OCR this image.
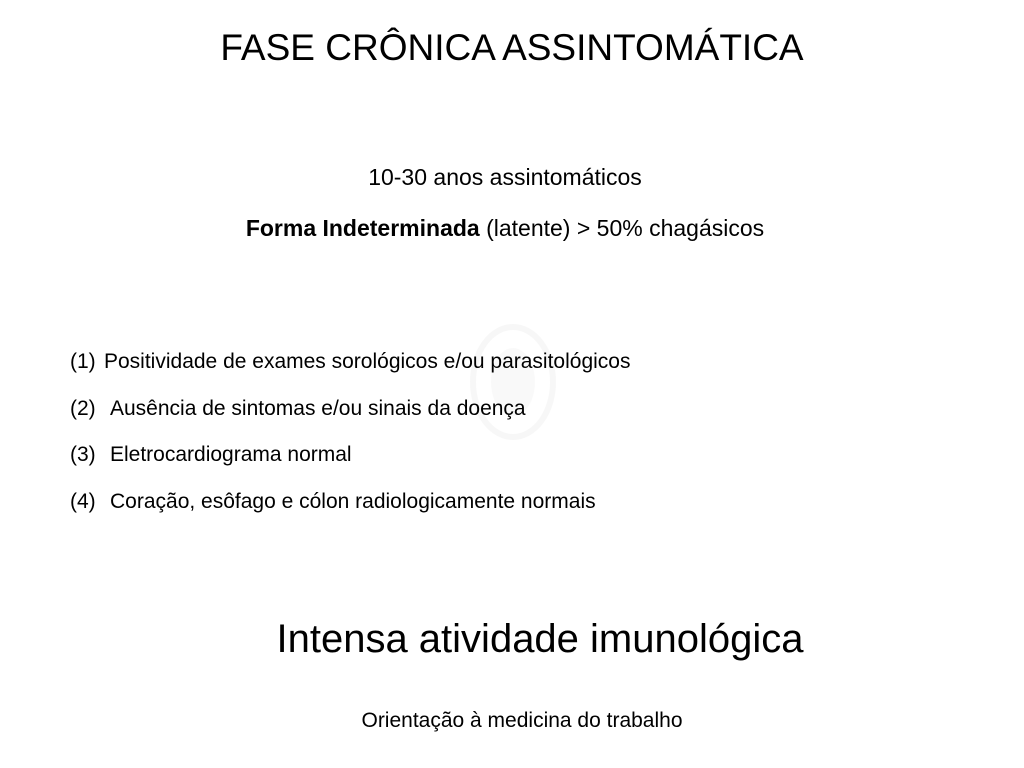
FASE CRÔNICA ASSINTOMÁTICA

10-30 anos assintomáticos

Forma Indeterminada (latente) > 50% chagásicos

(1) Positividade de exames sorológicos e/ou parasitológicos
(2) Ausência de sintomas e/ou sinais da doença
(3) Eletrocardiograma normal
(4) Coração, esôfago e cólon radiologicamente normais
Intensa atividade imunológica

Orientação à medicina do trabalho
